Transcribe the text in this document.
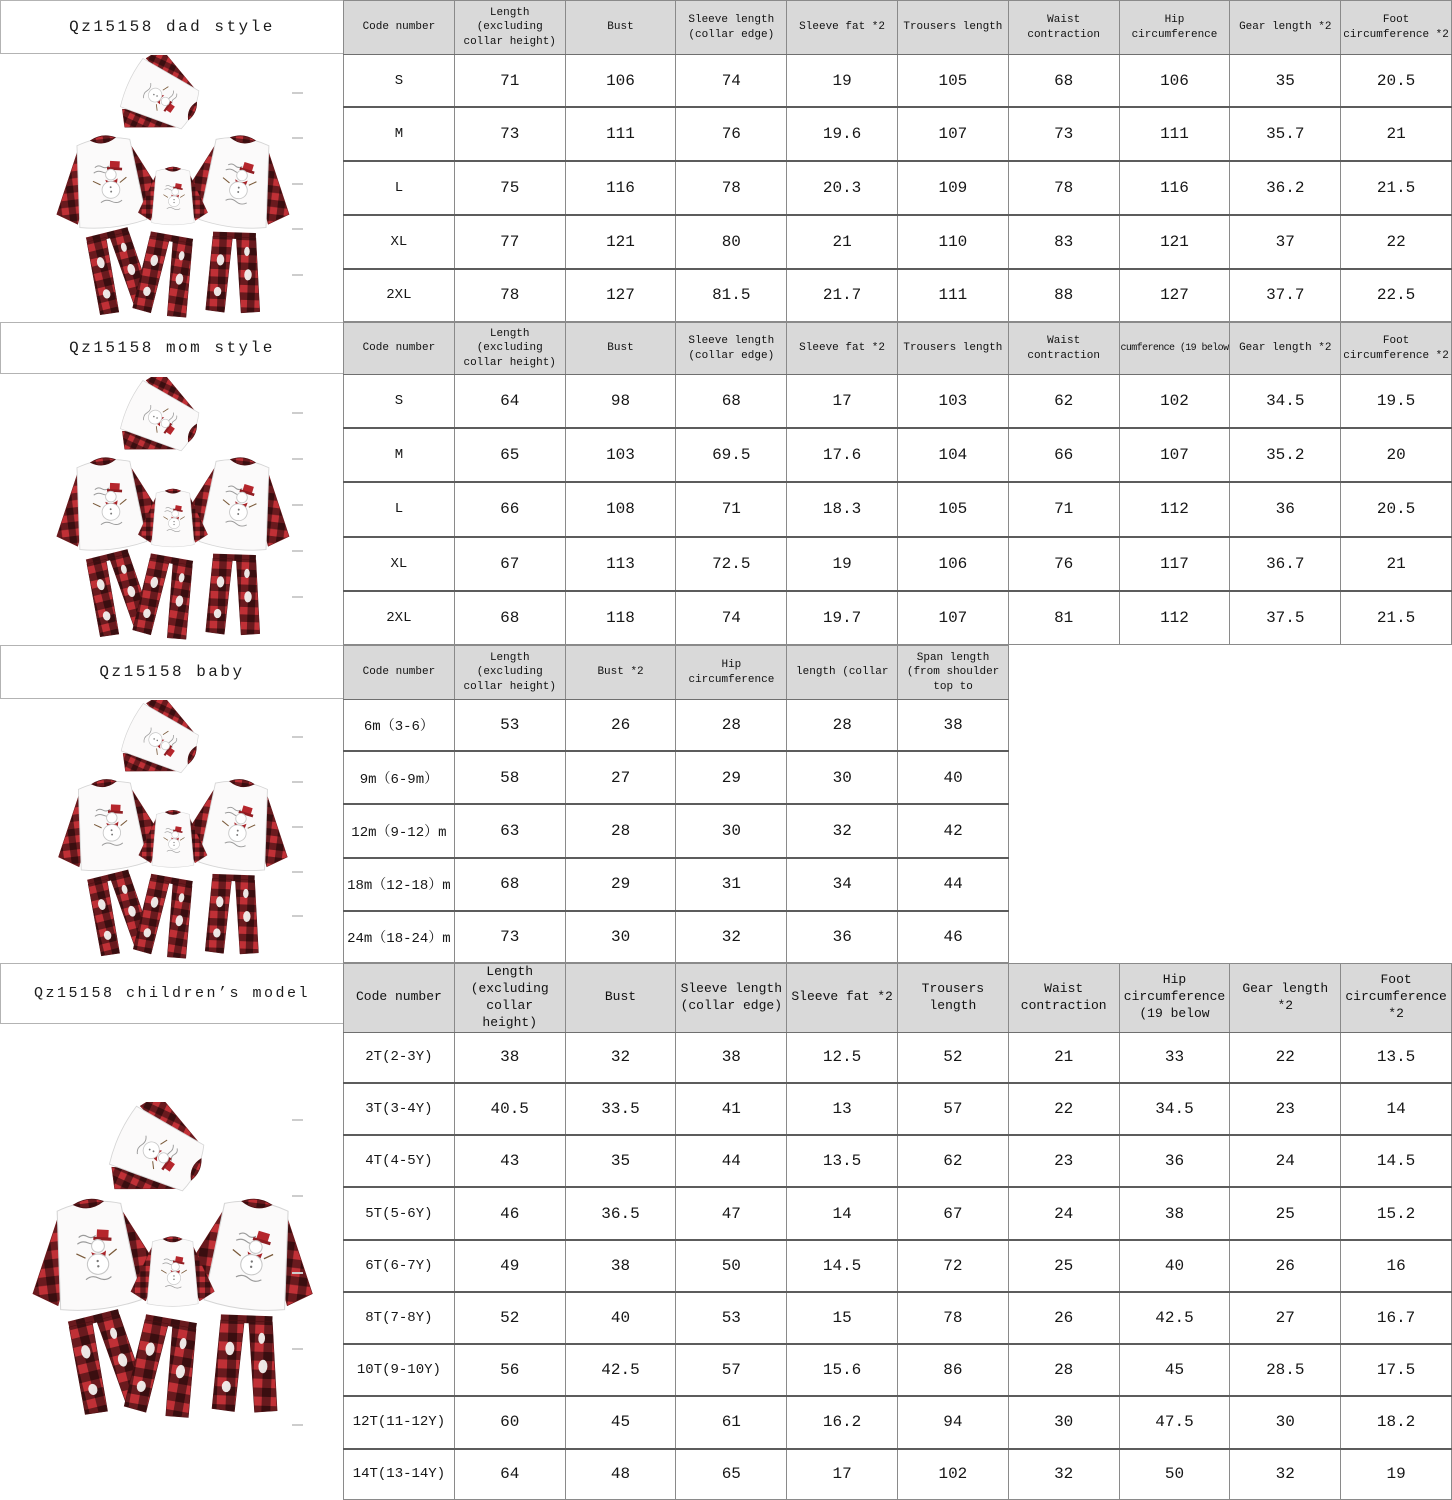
Qz15158 dad style	Code number	Length (excluding collar height)	Bust	Sleeve length (collar edge)	Sleeve fat *2	Trousers length	Waist contraction	Hip circumference	Gear length *2	Foot circumference *2
S	71	106	74	19	105	68	106	35	20.5
M	73	111	76	19.6	107	73	111	35.7	21
L	75	116	78	20.3	109	78	116	36.2	21.5
XL	77	121	80	21	110	83	121	37	22
2XL	78	127	81.5	21.7	111	88	127	37.7	22.5
Qz15158 mom style	Code number	Length (excluding collar height)	Bust	Sleeve length (collar edge)	Sleeve fat *2	Trousers length	Waist contraction	cumference (19 below	Gear length *2	Foot circumference *2
S	64	98	68	17	103	62	102	34.5	19.5
M	65	103	69.5	17.6	104	66	107	35.2	20
L	66	108	71	18.3	105	71	112	36	20.5
XL	67	113	72.5	19	106	76	117	36.7	21
2XL	68	118	74	19.7	107	81	112	37.5	21.5
Qz15158 baby	Code number	Length (excluding collar height)	Bust *2	Hip circumference	length (collar	Span length (from shoulder top to
6m（3-6）	53	26	28	28	38
9m（6-9m）	58	27	29	30	40
12m（9-12）m	63	28	30	32	42
18m（12-18）m	68	29	31	34	44
24m（18-24）m	73	30	32	36	46
Qz15158 children’s model	Code number	Length (excluding collar height)	Bust	Sleeve length (collar edge)	Sleeve fat *2	Trousers length	Waist contraction	Hip circumference (19 below	Gear length *2	Foot circumference *2
2T(2-3Y)	38	32	38	12.5	52	21	33	22	13.5
3T(3-4Y)	40.5	33.5	41	13	57	22	34.5	23	14
4T(4-5Y)	43	35	44	13.5	62	23	36	24	14.5
5T(5-6Y)	46	36.5	47	14	67	24	38	25	15.2
6T(6-7Y)	49	38	50	14.5	72	25	40	26	16
8T(7-8Y)	52	40	53	15	78	26	42.5	27	16.7
10T(9-10Y)	56	42.5	57	15.6	86	28	45	28.5	17.5
12T(11-12Y)	60	45	61	16.2	94	30	47.5	30	18.2
14T(13-14Y)	64	48	65	17	102	32	50	32	19
